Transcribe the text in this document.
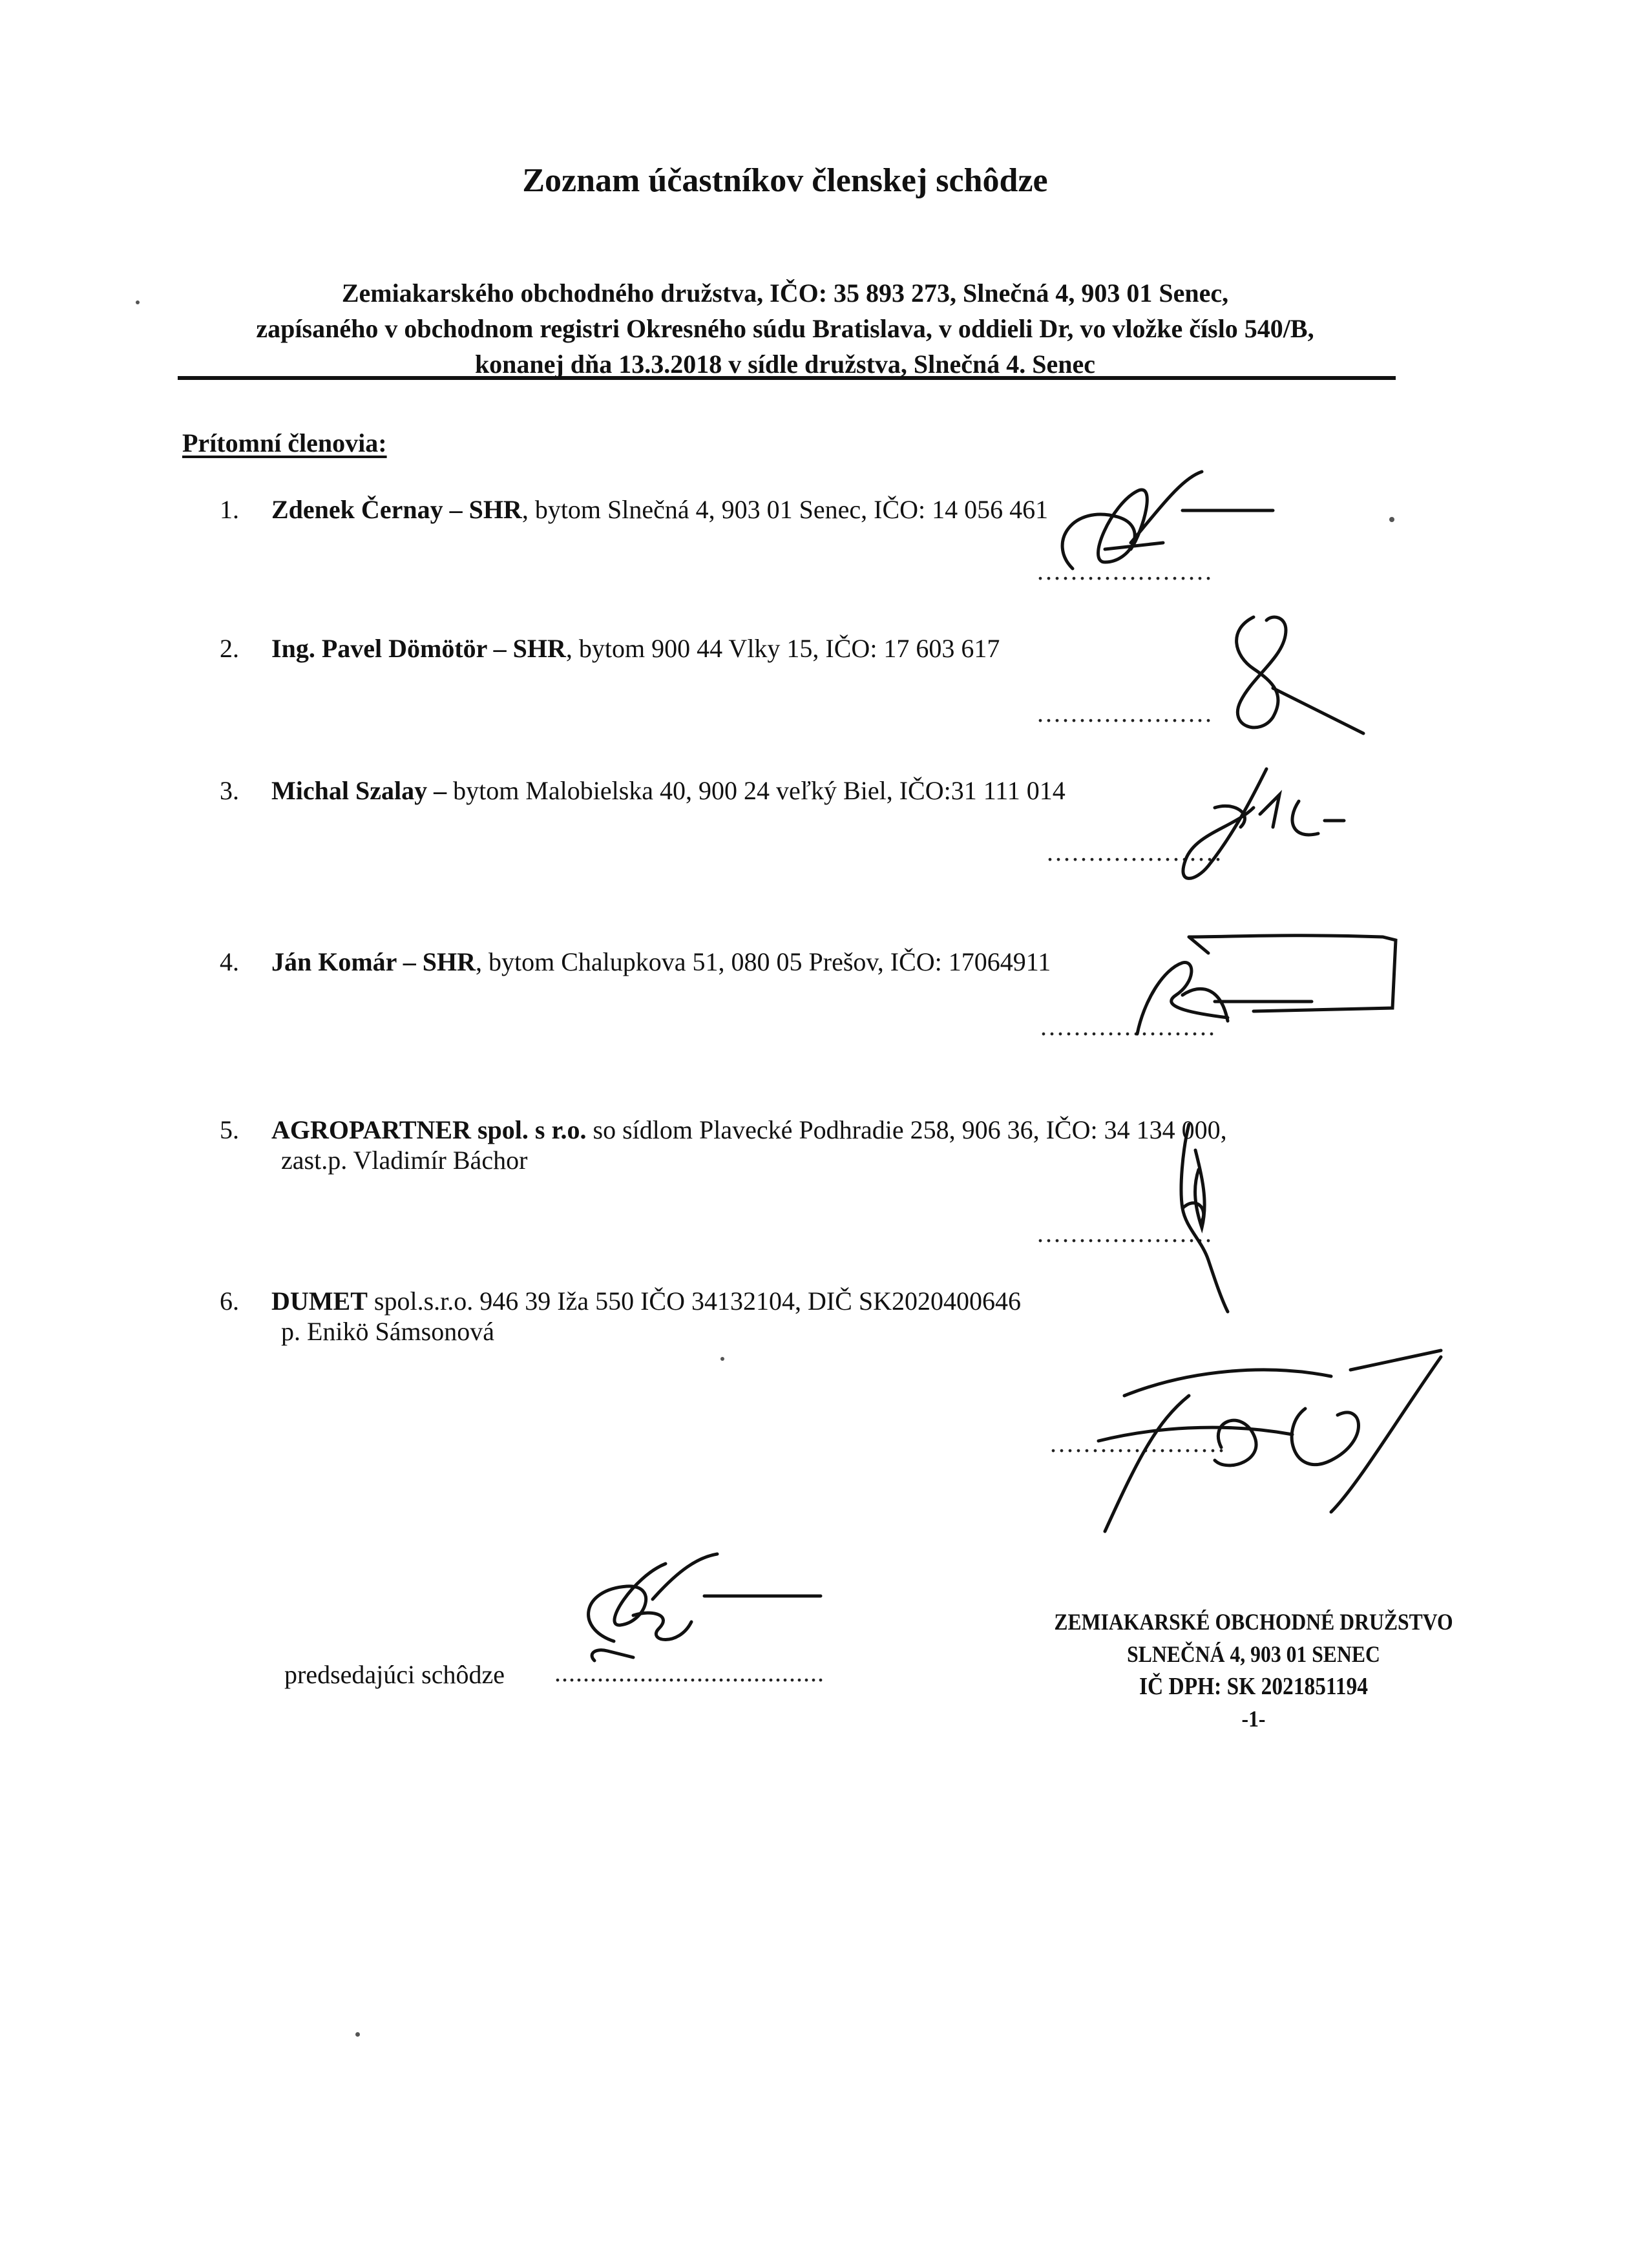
Zoznam účastníkov členskej schôdze
Zemiakarského obchodného družstva, IČO: 35 893 273, Slnečná 4, 903 01 Senec,
zapísaného v obchodnom registri Okresného súdu Bratislava, v oddieli Dr, vo vložke číslo 540/B,
konanej dňa 13.3.2018 v sídle družstva, Slnečná 4. Senec
Prítomní členovia:
1. Zdenek Černay – SHR, bytom Slnečná 4, 903 01 Senec, IČO: 14 056 461
.....................
2. Ing. Pavel Dömötör – SHR, bytom 900 44 Vlky 15, IČO: 17 603 617
.....................
3. Michal Szalay – bytom Malobielska 40, 900 24 veľký Biel, IČO:31 111 014
.....................
4. Ján Komár – SHR, bytom Chalupkova 51, 080 05 Prešov, IČO: 17064911
.....................
5. AGROPARTNER spol. s r.o. so sídlom Plavecké Podhradie 258, 906 36, IČO: 34 134 000,
zast.p. Vladimír Báchor
.....................
6. DUMET spol.s.r.o. 946 39 Iža 550 IČO 34132104, DIČ SK2020400646
p. Enikö Sámsonová
.....................
predsedajúci schôdze ......................................
ZEMIAKARSKÉ OBCHODNÉ DRUŽSTVO
SLNEČNÁ 4, 903 01 SENEC
IČ DPH: SK 2021851194
-1-
